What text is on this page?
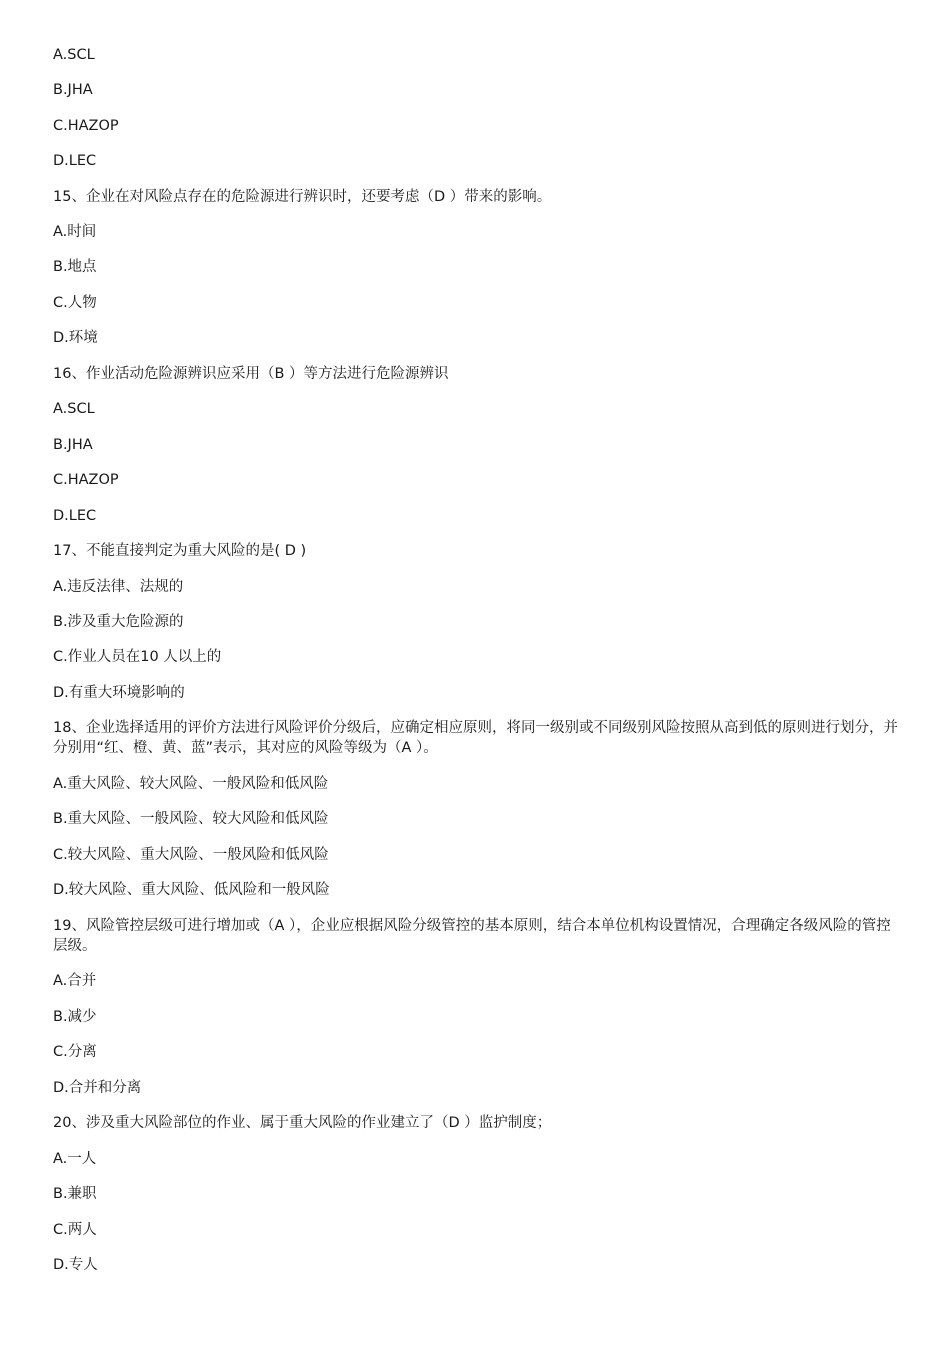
A.SCL
B.JHA
C.HAZOP
D.LEC
15、企业在对风险点存在的危险源进行辨识时，还要考虑（D ）带来的影响。
A.时间
B.地点
C.人物
D.环境
16、作业活动危险源辨识应采用（B ）等方法进行危险源辨识
A.SCL
B.JHA
C.HAZOP
D.LEC
17、不能直接判定为重大风险的是( D )
A.违反法律、法规的
B.涉及重大危险源的
C.作业人员在10 人以上的
D.有重大环境影响的
18、企业选择适用的评价方法进行风险评价分级后，应确定相应原则，将同一级别或不同级别风险按照从高到低的原则进行划分，并分别用“红、橙、黄、蓝”表示，其对应的风险等级为（A ）。
A.重大风险、较大风险、一般风险和低风险
B.重大风险、一般风险、较大风险和低风险
C.较大风险、重大风险、一般风险和低风险
D.较大风险、重大风险、低风险和一般风险
19、风险管控层级可进行增加或（A ），企业应根据风险分级管控的基本原则，结合本单位机构设置情况，合理确定各级风险的管控层级。
A.合并
B.减少
C.分离
D.合并和分离
20、涉及重大风险部位的作业、属于重大风险的作业建立了（D ）监护制度；
A.一人
B.兼职
C.两人
D.专人
